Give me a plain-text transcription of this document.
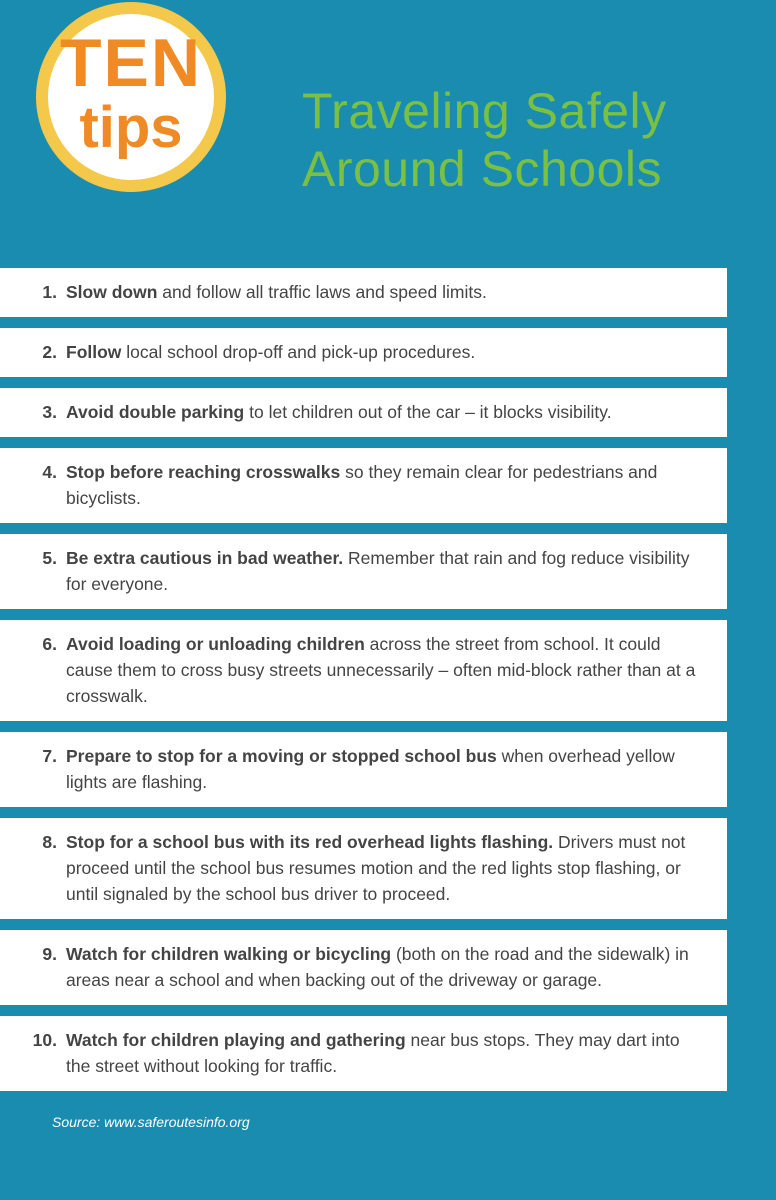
TEN
tips	Traveling Safely
Around Schools
1. Slow down and follow all traffic laws and speed limits.
2. Follow local school drop-off and pick-up procedures.
3. Avoid double parking to let children out of the car – it blocks visibility.
4. Stop before reaching crosswalks so they remain clear for pedestrians and bicyclists.
5. Be extra cautious in bad weather. Remember that rain and fog reduce visibility for everyone.
6. Avoid loading or unloading children across the street from school. It could cause them to cross busy streets unnecessarily – often mid-block rather than at a crosswalk.
7. Prepare to stop for a moving or stopped school bus when overhead yellow lights are flashing.
8. Stop for a school bus with its red overhead lights flashing. Drivers must not proceed until the school bus resumes motion and the red lights stop flashing, or until signaled by the school bus driver to proceed.
9. Watch for children walking or bicycling (both on the road and the sidewalk) in areas near a school and when backing out of the driveway or garage.
10. Watch for children playing and gathering near bus stops. They may dart into the street without looking for traffic.
Source: www.saferoutesinfo.org
